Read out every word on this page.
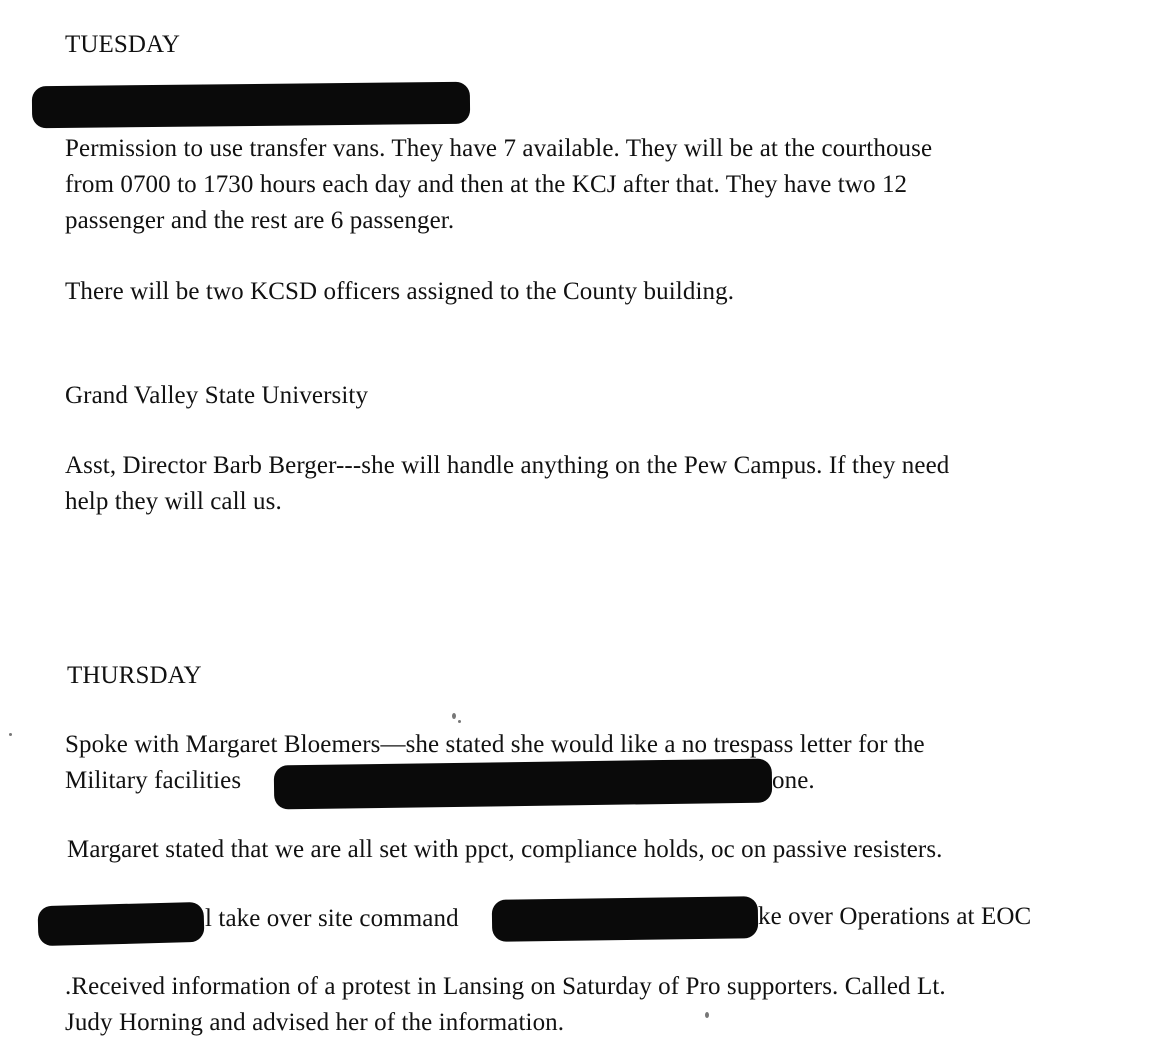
TUESDAY
Permission to use transfer vans. They have 7 available. They will be at the courthouse
from 0700 to 1730 hours each day and then at the KCJ after that. They have two 12
passenger and the rest are 6 passenger.
There will be two KCSD officers assigned to the County building.
Grand Valley State University
Asst, Director Barb Berger---she will handle anything on the Pew Campus. If they need
help they will call us.
THURSDAY
Spoke with Margaret Bloemers—she stated she would like a no trespass letter for the
Military facilities	one.
Margaret stated that we are all set with ppct, compliance holds, oc on passive resisters.
l take over site command	ke over Operations at EOC
.Received information of a protest in Lansing on Saturday of Pro supporters. Called Lt.
Judy Horning and advised her of the information.
